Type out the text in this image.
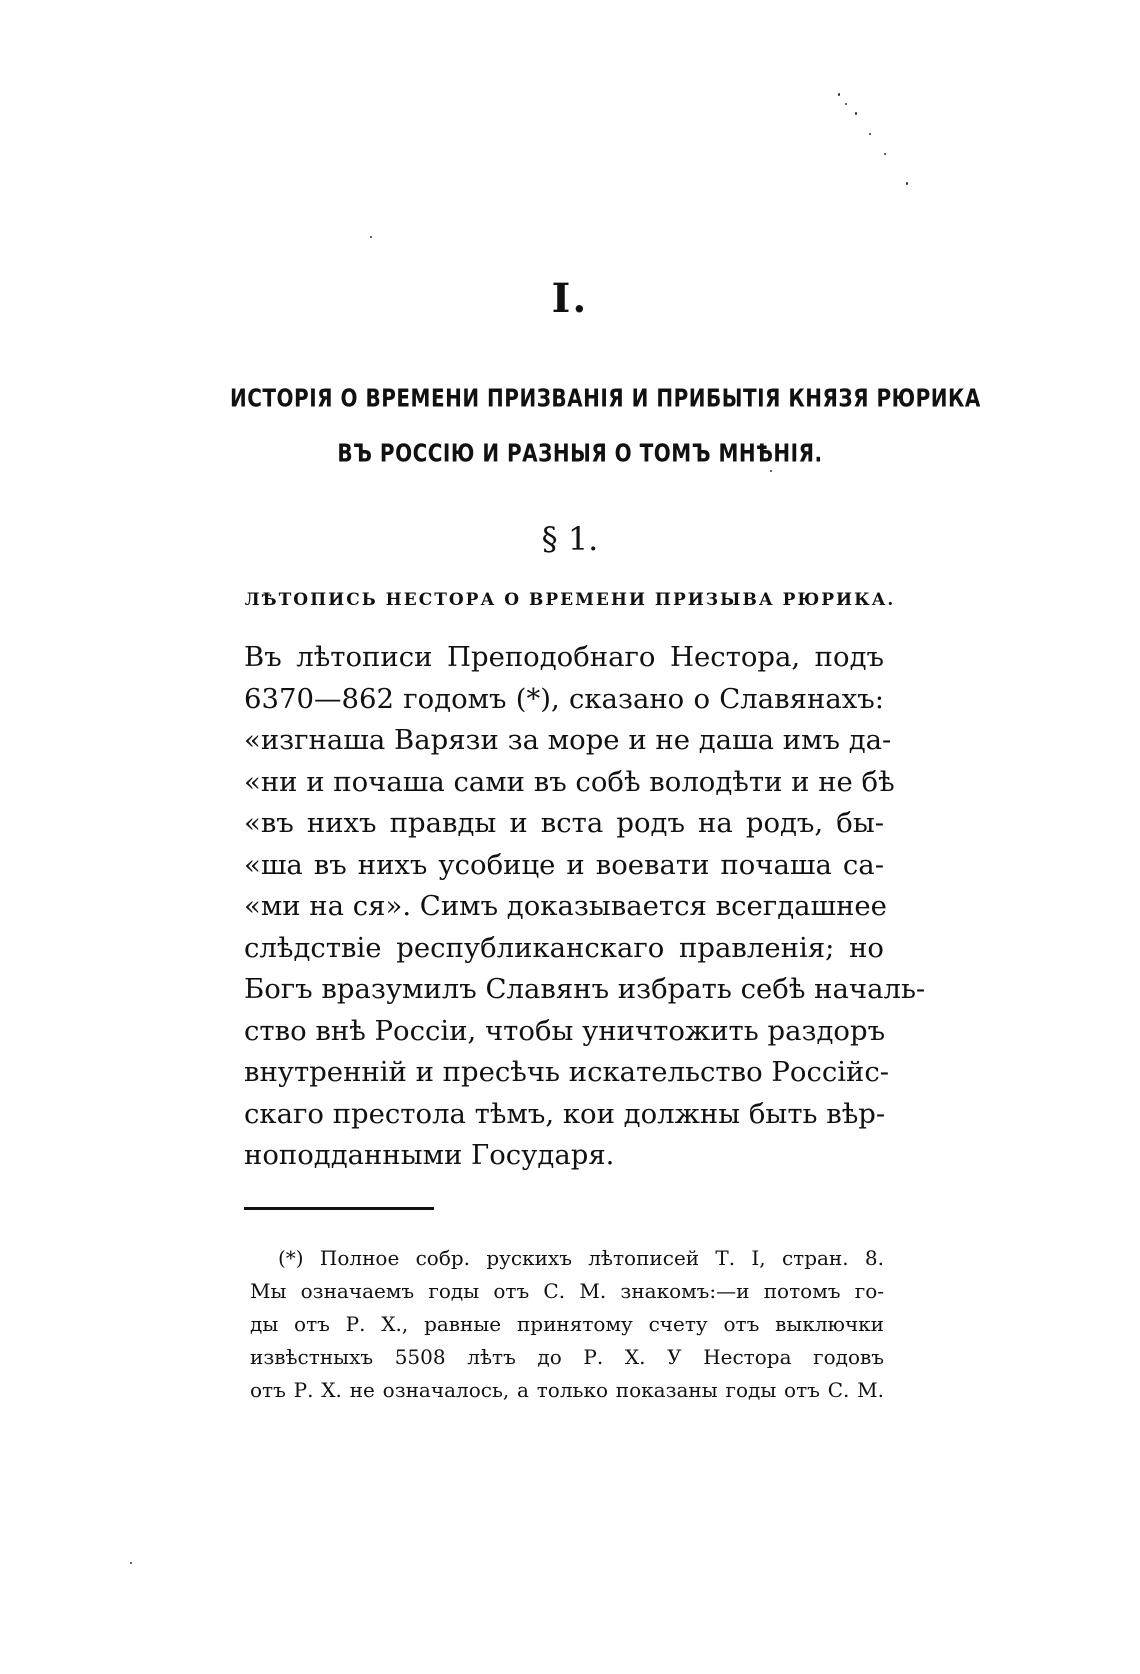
I.
ИСТОРІЯ О ВРЕМЕНИ ПРИЗВАНІЯ И ПРИБЫТІЯ КНЯЗЯ РЮРИКА
ВЪ РОССІЮ И РАЗНЫЯ О ТОМЪ МНѢНІЯ.
§ 1.
ЛѢТОПИСЬ НЕСТОРА О ВРЕМЕНИ ПРИЗЫВА РЮРИКА.
Въ лѣтописи Преподобнаго Нестора, подъ
6370—862 годомъ (*), сказано о Славянахъ:
«изгнаша Варязи за море и не даша имъ да-
«ни и почаша сами въ собѣ володѣти и не бѣ
«въ нихъ правды и вста родъ на родъ, бы-
«ша въ нихъ усобице и воевати почаша са-
«ми на ся». Симъ доказывается всегдашнее
слѣдствіе республиканскаго правленія; но
Богъ вразумилъ Славянъ избрать себѣ началь-
ство внѣ Россіи, чтобы уничтожить раздоръ
внутренній и пресѣчь искательство Россійс-
скаго престола тѣмъ, кои должны быть вѣр-
ноподданными Государя.
(*) Полное собр. рускихъ лѣтописей Т. I, стран. 8.
Мы означаемъ годы отъ С. М. знакомъ:—и потомъ го-
ды отъ Р. Х., равные принятому счету отъ выключки
извѣстныхъ 5508 лѣтъ до Р. Х. У Нестора годовъ
отъ Р. Х. не означалось, а только показаны годы отъ С. М.
